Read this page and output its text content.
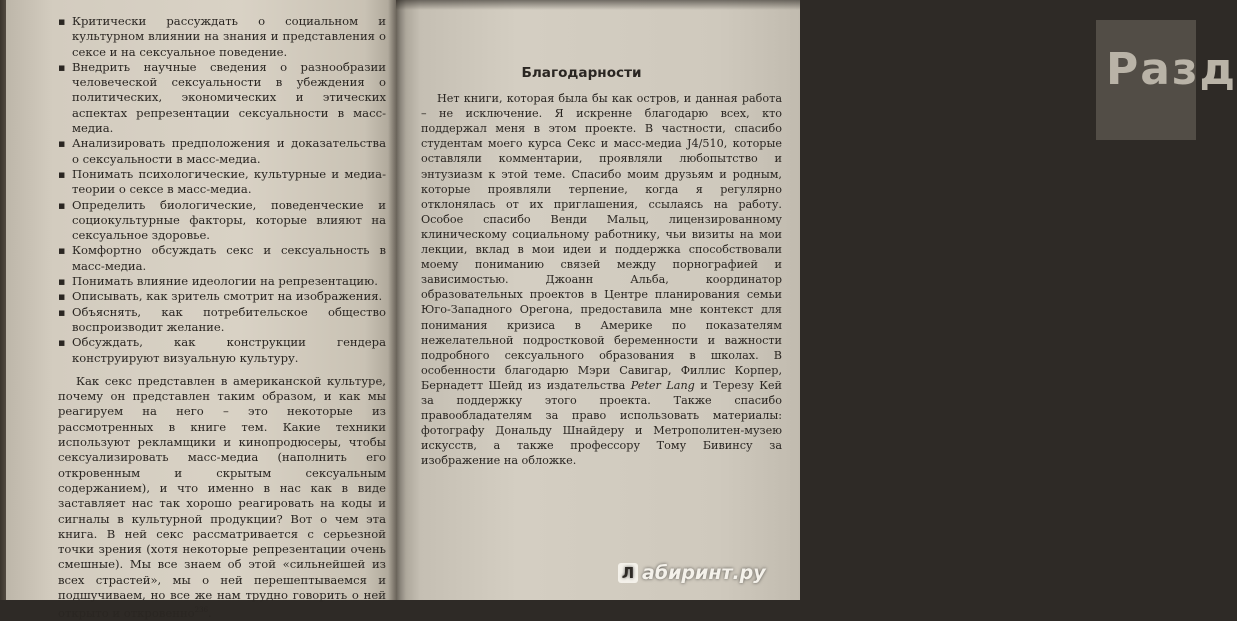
▪ Критически рассуждать о социальном и культурном влиянии на знания и представления о сексе и на сексуальное поведение.
▪ Внедрить научные сведения о разнообразии человеческой сексуальности в убеждения о политических, экономических и этических аспектах репрезентации сексуальности в масс-медиа.
▪ Анализировать предположения и доказательства о сексуальности в масс-медиа.
▪ Понимать психологические, культурные и медиа-теории о сексе в масс-медиа.
▪ Определить биологические, поведенческие и социокультурные факторы, которые влияют на сексуальное здоровье.
▪ Комфортно обсуждать секс и сексуальность в масс-медиа.
▪ Понимать влияние идеологии на репрезентацию.
▪ Описывать, как зритель смотрит на изображения.
▪ Объяснять, как потребительское общество воспроизводит желание.
▪ Обсуждать, как конструкции гендера конструируют визуальную культуру.

Как секс представлен в американской культуре, почему он представлен таким образом, и как мы реагируем на него – это некоторые из рассмотренных в книге тем. Какие техники используют рекламщики и кинопродюсеры, чтобы сексуализировать масс-медиа (наполнить его откровенным и скрытым сексуальным содержанием), и что именно в нас как в виде заставляет нас так хорошо реагировать на коды и сигналы в культурной продукции? Вот о чем эта книга. В ней секс рассматривается с серьезной точки зрения (хотя некоторые репрезентации очень смешные). Мы все знаем об этой «сильнейшей из всех страстей», мы о ней перешептываемся и подшучиваем, но все же нам трудно говорить о ней открыто и откровенно$^{236}$.

Разд
Благодарности

Нет книги, которая была бы как остров, и данная работа – не исключение. Я искренне благодарю всех, кто поддержал меня в этом проекте. В частности, спасибо студентам моего курса Секс и масс-медиа J4/510, которые оставляли комментарии, проявляли любопытство и энтузиазм к этой теме. Спасибо моим друзьям и родным, которые проявляли терпение, когда я регулярно отклонялась от их приглашения, ссылаясь на работу. Особое спасибо Венди Мальц, лицензированному клиническому социальному работнику, чьи визиты на мои лекции, вклад в мои идеи и поддержка способствовали моему пониманию связей между порнографией и зависимостью. Джоанн Альба, координатор образовательных проектов в Центре планирования семьи Юго-Западного Орегона, предоставила мне контекст для понимания кризиса в Америке по показателям нежелательной подростковой беременности и важности подробного сексуального образования в школах. В особенности благодарю Мэри Савигар, Филлис Корпер, Бернадетт Шейд из издательства Peter Lang и Терезу Кей за поддержку этого проекта. Также спасибо правообладателям за право использовать материалы: фотографу Дональду Шнайдеру и Метрополитен-музею искусств, а также профессору Тому Бивинсу за изображение на обложке.

Л абиринт.ру
